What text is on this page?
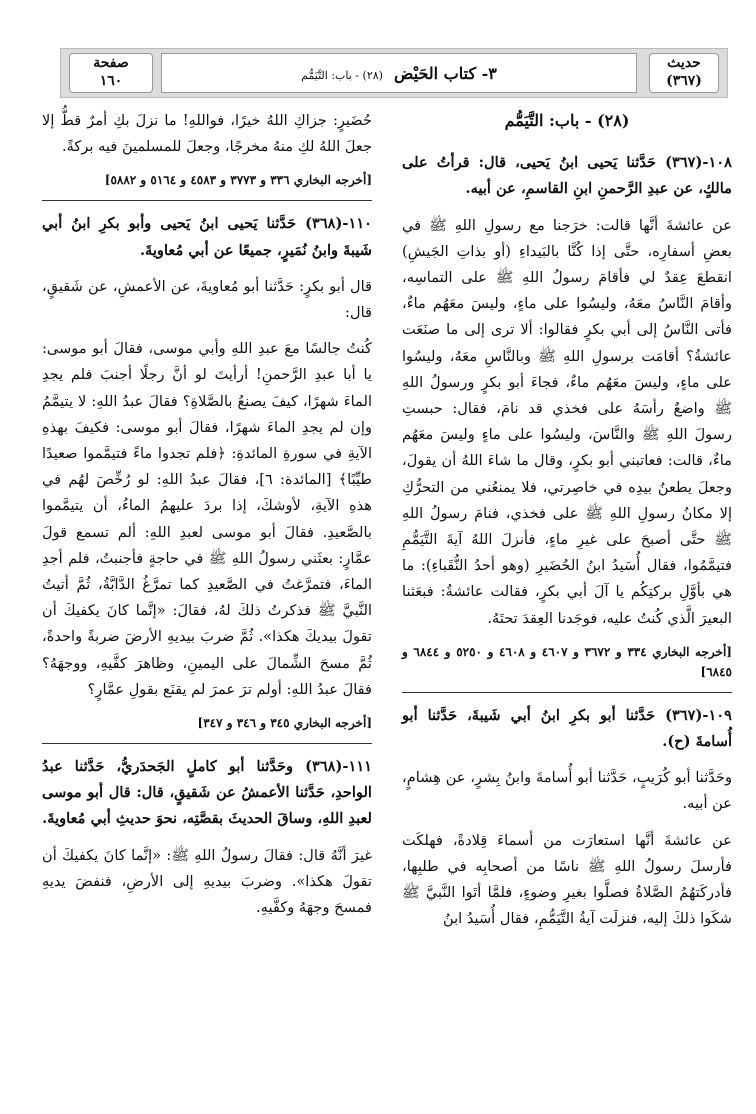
حديث
(٣٦٧)
٣- كتاب الحَيْض (٢٨) - باب: التَّيَمُّم
صفحة
١٦٠

(٢٨) - باب: التَّيَمُّم

١٠٨-(٣٦٧) حَدَّثنا يَحيى ابنُ يَحيى، قال: قرأتُ على مالكٍ، عن عبدِ الرَّحمنِ ابنِ القاسمِ، عن أبيه.

عن عائشةَ أنَّها قالت: خرَجنا مع رسولِ اللهِ ﷺ في بعضِ أسفارِه، حتَّى إذا كُنَّا بالبَيداءِ (أو بذاتِ الجَيشِ) انقطعَ عِقدٌ لي فأقامَ رسولُ اللهِ ﷺ على التماسِه، وأقامَ النَّاسُ معَهُ، وليسُوا على ماءٍ، وليسَ معَهُم ماءٌ، فأتى النَّاسُ إلى أبي بكرٍ فقالوا: ألا ترى إلى ما صنَعَت عائشةُ؟ أقامَت برسولِ اللهِ ﷺ وبالنَّاسِ معَهُ، وليسُوا على ماءٍ، وليسَ معَهُم ماءٌ، فجاءَ أبو بكرٍ ورسولُ اللهِ ﷺ واضعٌ رأسَهُ على فخذي قد نامَ، فقال: حبستِ رسولَ اللهِ ﷺ والنَّاسَ، وليسُوا على ماءٍ وليسَ معَهُم ماءٌ، قالت: فعاتبني أبو بكرٍ، وقال ما شاءَ اللهُ أن يقولَ، وجعلَ يطعنُ بيدِه في خاصِرتي، فلا يمنعُني من التحرُّكِ إلا مكانُ رسولِ اللهِ ﷺ على فخذي، فنامَ رسولُ اللهِ ﷺ حتَّى أصبحَ على غيرِ ماءٍ، فأنزلَ اللهُ آيةَ التَّيَمُّمِ فتيمَّمُوا، فقال أُسَيدُ ابنُ الحُضَيرِ (وهو أحدُ النُّقَباءِ): ما هي بأوَّلِ بركتِكُم يا آلَ أبي بكرٍ، فقالت عائشةُ: فبعَثنا البعيرَ الَّذي كُنتُ عليه، فوجَدنا العِقدَ تحتَهُ.

[أخرجه البخاري ٣٣٤ و ٣٦٧٢ و ٤٦٠٧ و ٤٦٠٨ و ٥٢٥٠ و ٦٨٤٤ و ٦٨٤٥]

١٠٩-(٣٦٧) حَدَّثنا أبو بكرِ ابنُ أبي شَيبةَ، حَدَّثنا أبو أُسامةَ (ح).

وحَدَّثنا أبو كُرَيبٍ، حَدَّثنا أبو أُسامةَ وابنُ بِشرٍ، عن هِشامٍ، عن أبيه.

عن عائشةَ أنَّها استعارَت من أسماءَ قِلادةً، فهلكَت فأرسلَ رسولُ اللهِ ﷺ ناسًا من أصحابِه في طلبِها، فأدركَتهُمُ الصَّلاةُ فصلَّوا بغيرِ وضوءٍ، فلمَّا أتَوا النَّبيَّ ﷺ شكَوا ذلكَ إليه، فنزلَت آيةُ التَّيَمُّمِ، فقال أُسَيدُ ابنُ

حُضَيرٍ: جزاكِ اللهُ خيرًا، فواللهِ! ما نزلَ بكِ أمرٌ قطُّ إلا جعلَ اللهُ لكِ منهُ مخرجًا، وجعلَ للمسلمينَ فيه بركةً.

[أخرجه البخاري ٣٣٦ و ٣٧٧٣ و ٤٥٨٣ و ٥١٦٤ و ٥٨٨٢]

١١٠-(٣٦٨) حَدَّثنا يَحيى ابنُ يَحيى وأبو بكرِ ابنُ أبي شَيبةَ وابنُ نُمَيرٍ، جميعًا عن أبي مُعاويةَ.

قال أبو بكرٍ: حَدَّثنا أبو مُعاويةَ، عن الأعمشِ، عن شَقيقٍ، قال:

كُنتُ جالسًا معَ عبدِ اللهِ وأبي موسى، فقالَ أبو موسى: يا أبا عبدِ الرَّحمنِ! أرأيتَ لو أنَّ رجلًا أجنبَ فلم يجدِ الماءَ شهرًا، كيفَ يصنعُ بالصَّلاةِ؟ فقالَ عبدُ اللهِ: لا يتيمَّمُ وإن لم يجدِ الماءَ شهرًا، فقالَ أبو موسى: فكيفَ بهذهِ الآيةِ في سورةِ المائدةِ: ﴿فلم تجدوا ماءً فتيمَّموا صعيدًا طيِّبًا﴾ [المائدة: ٦]، فقالَ عبدُ اللهِ: لو رُخِّصَ لهُم في هذهِ الآيةِ، لأوشكَ، إذا بردَ عليهمُ الماءُ، أن يتيمَّموا بالصَّعيدِ. فقالَ أبو موسى لعبدِ اللهِ: ألم تسمع قولَ عمَّارٍ: بعثَني رسولُ اللهِ ﷺ في حاجةٍ فأجنبتُ، فلم أجدِ الماءَ، فتمرَّغتُ في الصَّعيدِ كما تمرَّغُ الدَّابَّةُ، ثُمَّ أتيتُ النَّبيَّ ﷺ فذكرتُ ذلكَ لهُ، فقالَ: «إنَّما كانَ يكفيكَ أن تقولَ بيديكَ هكذا». ثُمَّ ضربَ بيديهِ الأرضَ ضربةً واحدةً، ثُمَّ مسحَ الشِّمالَ على اليمينِ، وظاهرَ كفَّيهِ، ووجهَهُ؟ فقالَ عبدُ اللهِ: أولم ترَ عمرَ لم يقنَع بقولِ عمَّارٍ؟

[أخرجه البخاري ٣٤٥ و ٣٤٦ و ٣٤٧]

١١١-(٣٦٨) وحَدَّثنا أبو كاملٍ الجَحدَريُّ، حَدَّثنا عبدُ الواحدِ، حَدَّثنا الأعمشُ عن شَقيقٍ، قال: قال أبو موسى لعبدِ اللهِ، وساقَ الحديثَ بقصَّتِه، نحوَ حديثِ أبي مُعاويةَ.

غيرَ أنَّهُ قال: فقالَ رسولُ اللهِ ﷺ: «إنَّما كانَ يكفيكَ أن تقولَ هكذا». وضربَ بيديهِ إلى الأرضِ، فنفضَ يديهِ فمسحَ وجهَهُ وكفَّيهِ.
